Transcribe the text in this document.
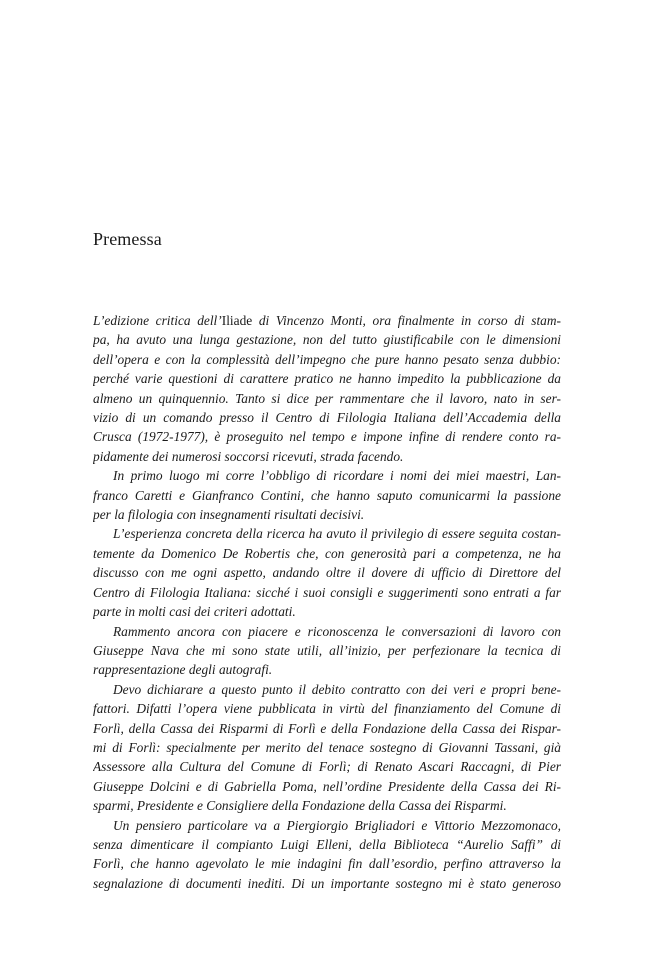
Premessa
L’edizione critica dell’Iliade di Vincenzo Monti, ora finalmente in corso di stam-
pa, ha avuto una lunga gestazione, non del tutto giustificabile con le dimensioni
dell’opera e con la complessità dell’impegno che pure hanno pesato senza dubbio:
perché varie questioni di carattere pratico ne hanno impedito la pubblicazione da
almeno un quinquennio. Tanto si dice per rammentare che il lavoro, nato in ser-
vizio di un comando presso il Centro di Filologia Italiana dell’Accademia della
Crusca (1972-1977), è proseguito nel tempo e impone infine di rendere conto ra-
pidamente dei numerosi soccorsi ricevuti, strada facendo.
In primo luogo mi corre l’obbligo di ricordare i nomi dei miei maestri, Lan-
franco Caretti e Gianfranco Contini, che hanno saputo comunicarmi la passione
per la filologia con insegnamenti risultati decisivi.
L’esperienza concreta della ricerca ha avuto il privilegio di essere seguita costan-
temente da Domenico De Robertis che, con generosità pari a competenza, ne ha
discusso con me ogni aspetto, andando oltre il dovere di ufficio di Direttore del
Centro di Filologia Italiana: sicché i suoi consigli e suggerimenti sono entrati a far
parte in molti casi dei criteri adottati.
Rammento ancora con piacere e riconoscenza le conversazioni di lavoro con
Giuseppe Nava che mi sono state utili, all’inizio, per perfezionare la tecnica di
rappresentazione degli autografi.
Devo dichiarare a questo punto il debito contratto con dei veri e propri bene-
fattori. Difatti l’opera viene pubblicata in virtù del finanziamento del Comune di
Forlì, della Cassa dei Risparmi di Forlì e della Fondazione della Cassa dei Rispar-
mi di Forlì: specialmente per merito del tenace sostegno di Giovanni Tassani, già
Assessore alla Cultura del Comune di Forlì; di Renato Ascari Raccagni, di Pier
Giuseppe Dolcini e di Gabriella Poma, nell’ordine Presidente della Cassa dei Ri-
sparmi, Presidente e Consigliere della Fondazione della Cassa dei Risparmi.
Un pensiero particolare va a Piergiorgio Brigliadori e Vittorio Mezzomonaco,
senza dimenticare il compianto Luigi Elleni, della Biblioteca “Aurelio Saffi” di
Forlì, che hanno agevolato le mie indagini fin dall’esordio, perfino attraverso la
segnalazione di documenti inediti. Di un importante sostegno mi è stato generoso
